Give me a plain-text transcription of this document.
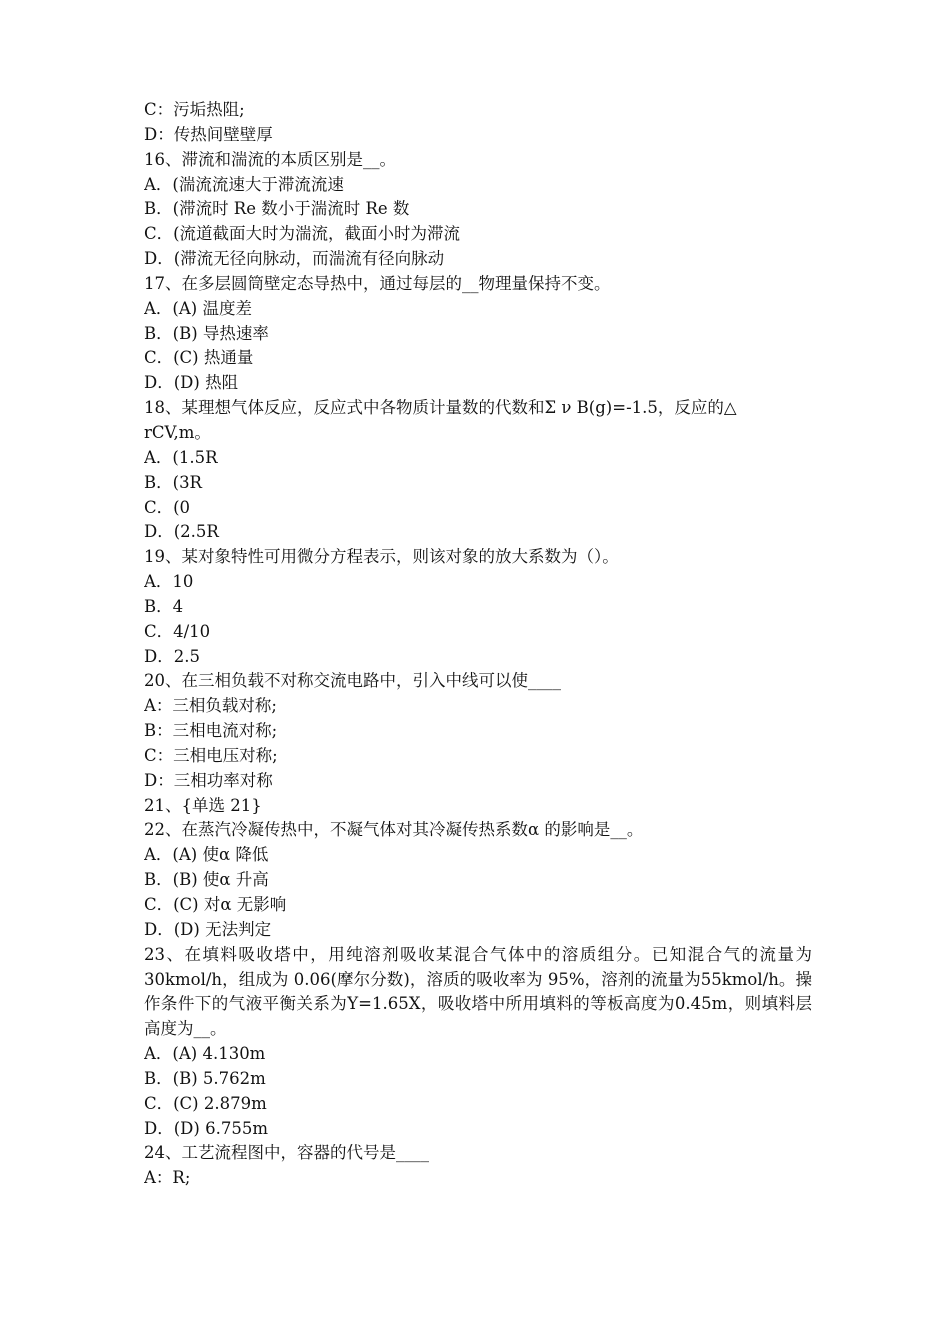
C：污垢热阻;
D：传热间壁壁厚
16、滞流和湍流的本质区别是__。
A．(湍流流速大于滞流流速
B．(滞流时 Re 数小于湍流时 Re 数
C．(流道截面大时为湍流，截面小时为滞流
D．(滞流无径向脉动，而湍流有径向脉动
17、在多层圆筒壁定态导热中，通过每层的__物理量保持不变。
A．(A) 温度差
B．(B) 导热速率
C．(C) 热通量
D．(D) 热阻
18、某理想气体反应，反应式中各物质计量数的代数和Σ ν B(g)=-1.5，反应的△
rCV,m。
A．(1.5R
B．(3R
C．(0
D．(2.5R
19、某对象特性可用微分方程表示，则该对象的放大系数为（）。
A．10
B．4
C．4/10
D．2.5
20、在三相负载不对称交流电路中，引入中线可以使____
A：三相负载对称;
B：三相电流对称;
C：三相电压对称;
D：三相功率对称
21、{单选 21}
22、在蒸汽冷凝传热中，不凝气体对其冷凝传热系数α 的影响是__。
A．(A) 使α 降低
B．(B) 使α 升高
C．(C) 对α 无影响
D．(D) 无法判定
23、在填料吸收塔中，用纯溶剂吸收某混合气体中的溶质组分。已知混合气的流量为 30kmol/h，组成为 0.06(摩尔分数)，溶质的吸收率为 95%，溶剂的流量为55kmol/h。操作条件下的气液平衡关系为Y=1.65X，吸收塔中所用填料的等板高度为0.45m，则填料层高度为__。
A．(A) 4.130m
B．(B) 5.762m
C．(C) 2.879m
D．(D) 6.755m
24、工艺流程图中，容器的代号是____
A：R;
